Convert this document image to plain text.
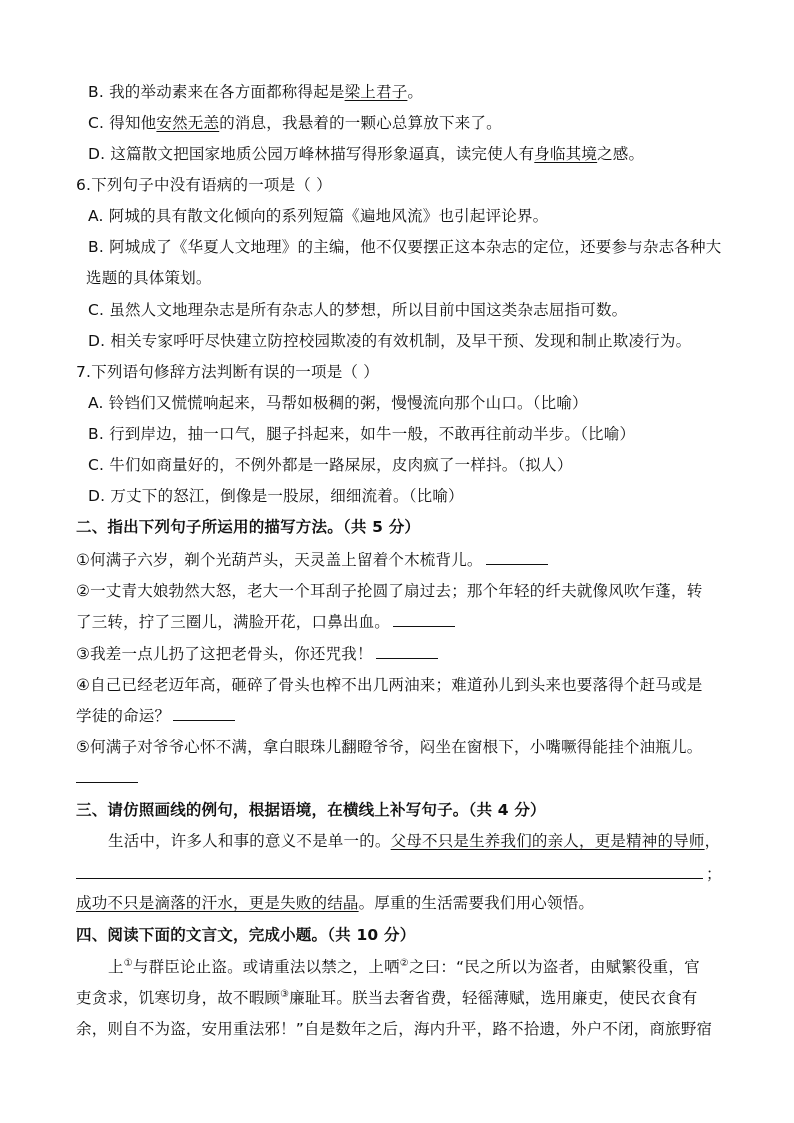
B. 我的举动素来在各方面都称得起是梁上君子。
C. 得知他安然无恙的消息，我悬着的一颗心总算放下来了。
D. 这篇散文把国家地质公园万峰林描写得形象逼真，读完使人有身临其境之感。
6.下列句子中没有语病的一项是（ ）
A. 阿城的具有散文化倾向的系列短篇《遍地风流》也引起评论界。
B. 阿城成了《华夏人文地理》的主编，他不仅要摆正这本杂志的定位，还要参与杂志各种大
选题的具体策划。
C. 虽然人文地理杂志是所有杂志人的梦想，所以目前中国这类杂志屈指可数。
D. 相关专家呼吁尽快建立防控校园欺凌的有效机制，及早干预、发现和制止欺凌行为。
7.下列语句修辞方法判断有误的一项是（ ）
A. 铃铛们又慌慌响起来，马帮如极稠的粥，慢慢流向那个山口。（比喻）
B. 行到岸边，抽一口气，腿子抖起来，如牛一般，不敢再往前动半步。（比喻）
C. 牛们如商量好的，不例外都是一路屎尿，皮肉疯了一样抖。（拟人）
D. 万丈下的怒江，倒像是一股尿，细细流着。（比喻）
二、指出下列句子所运用的描写方法。（共 5 分）
①何满子六岁，剃个光葫芦头，天灵盖上留着个木梳背儿。
②一丈青大娘勃然大怒，老大一个耳刮子抡圆了扇过去；那个年轻的纤夫就像风吹乍蓬，转
了三转，拧了三圈儿，满脸开花，口鼻出血。
③我差一点儿扔了这把老骨头，你还咒我！
④自己已经老迈年高，砸碎了骨头也榨不出几两油来；难道孙儿到头来也要落得个赶马或是
学徒的命运？
⑤何满子对爷爷心怀不满，拿白眼珠儿翻瞪爷爷，闷坐在窗根下，小嘴噘得能挂个油瓶儿。
三、请仿照画线的例句，根据语境，在横线上补写句子。（共 4 分）
生活中，许多人和事的意义不是单一的。父母不只是生养我们的亲人，更是精神的导师，
；
成功不只是滴落的汗水，更是失败的结晶。厚重的生活需要我们用心领悟。
四、阅读下面的文言文，完成小题。（共 10 分）
上①与群臣论止盗。或请重法以禁之，上哂②之曰：“民之所以为盗者，由赋繁役重，官
吏贪求，饥寒切身，故不暇顾③廉耻耳。朕当去奢省费，轻徭薄赋，选用廉吏，使民衣食有
余，则自不为盗，安用重法邪！”自是数年之后，海内升平，路不拾遗，外户不闭，商旅野宿
